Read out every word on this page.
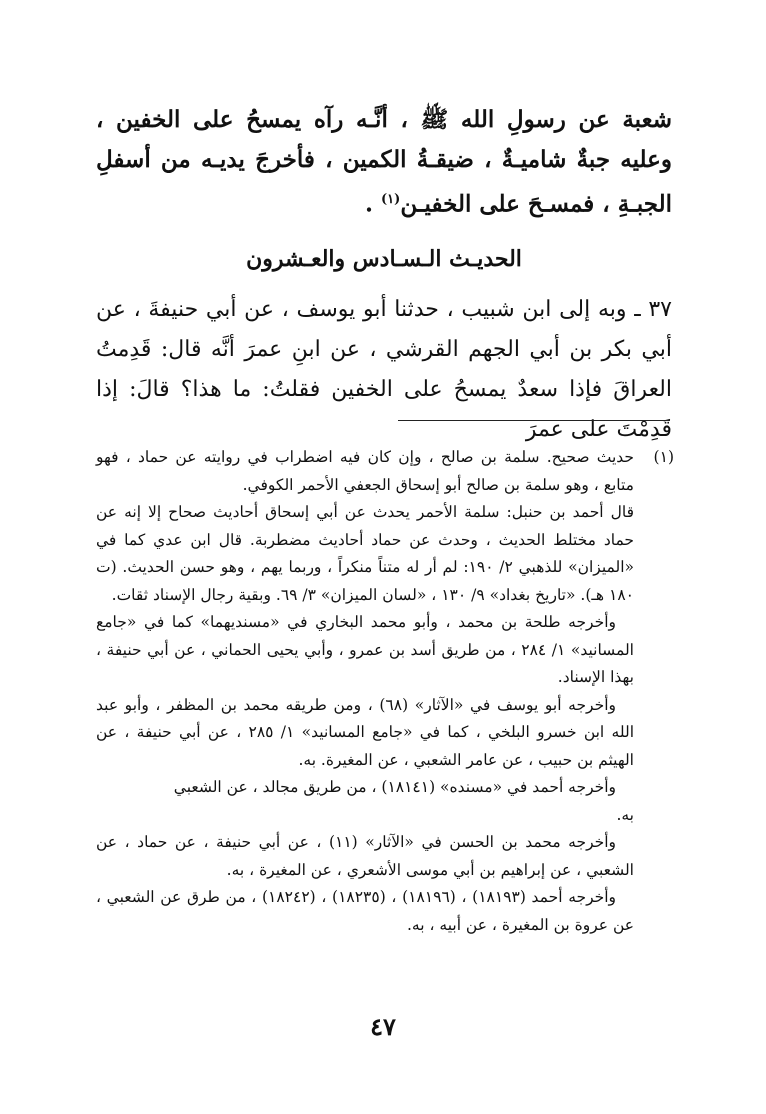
شعبة عن رسولِ الله ﷺ ، أنَّـه رآه يمسحُ على الخفين ، وعليه جبةٌ شاميـةٌ ، ضيقـةُ الكمين ، فأخرجَ يديـه من أسفلِ الجبـةِ ، فمسـحَ على الخفيـن$^{(١)}$ .
الحديـث الـسـادس والعـشرون
٣٧ ـ وبه إلى ابن شبيب ، حدثنا أبو يوسف ، عن أبي حنيفةَ ، عن أبي بكر بن أبي الجهم القرشي ، عن ابنِ عمرَ أنَّه قال: قَدِمتُ العراقَ فإذا سعدٌ يمسحُ على الخفين فقلتُ: ما هذا؟ قالَ: إذا قَدِمْتَ على عمرَ
(١)
حديث صحيح. سلمة بن صالح ، وإن كان فيه اضطراب في روايته عن حماد ، فهو متابع ، وهو سلمة بن صالح أبو إسحاق الجعفي الأحمر الكوفي.
قال أحمد بن حنبل: سلمة الأحمر يحدث عن أبي إسحاق أحاديث صحاح إلا إنه عن حماد مختلط الحديث ، وحدث عن حماد أحاديث مضطربة. قال ابن عدي كما في «الميزان» للذهبي ٢/ ١٩٠: لم أر له متناً منكراً ، وربما يهم ، وهو حسن الحديث. (ت ١٨٠ هـ). «تاريخ بغداد» ٩/ ١٣٠ ، «لسان الميزان» ٣/ ٦٩. وبقية رجال الإسناد ثقات.
وأخرجه طلحة بن محمد ، وأبو محمد البخاري في «مسنديهما» كما في «جامع المسانيد» ١/ ٢٨٤ ، من طريق أسد بن عمرو ، وأبي يحيى الحماني ، عن أبي حنيفة ، بهذا الإسناد.
وأخرجه أبو يوسف في «الآثار» (٦٨) ، ومن طريقه محمد بن المظفر ، وأبو عبد الله ابن خسرو البلخي ، كما في «جامع المسانيد» ١/ ٢٨٥ ، عن أبي حنيفة ، عن الهيثم بن حبيب ، عن عامر الشعبي ، عن المغيرة. به.
وأخرجه أحمد في «مسنده» (١٨١٤١) ، من طريق مجالد ، عن الشعبي
به.
وأخرجه محمد بن الحسن في «الآثار» (١١) ، عن أبي حنيفة ، عن حماد ، عن الشعبي ، عن إبراهيم بن أبي موسى الأشعري ، عن المغيرة ، به.
وأخرجه أحمد (١٨١٩٣) ، (١٨١٩٦) ، (١٨٢٣٥) ، (١٨٢٤٢) ، من طرق عن الشعبي ، عن عروة بن المغيرة ، عن أبيه ، به.
٤٧
